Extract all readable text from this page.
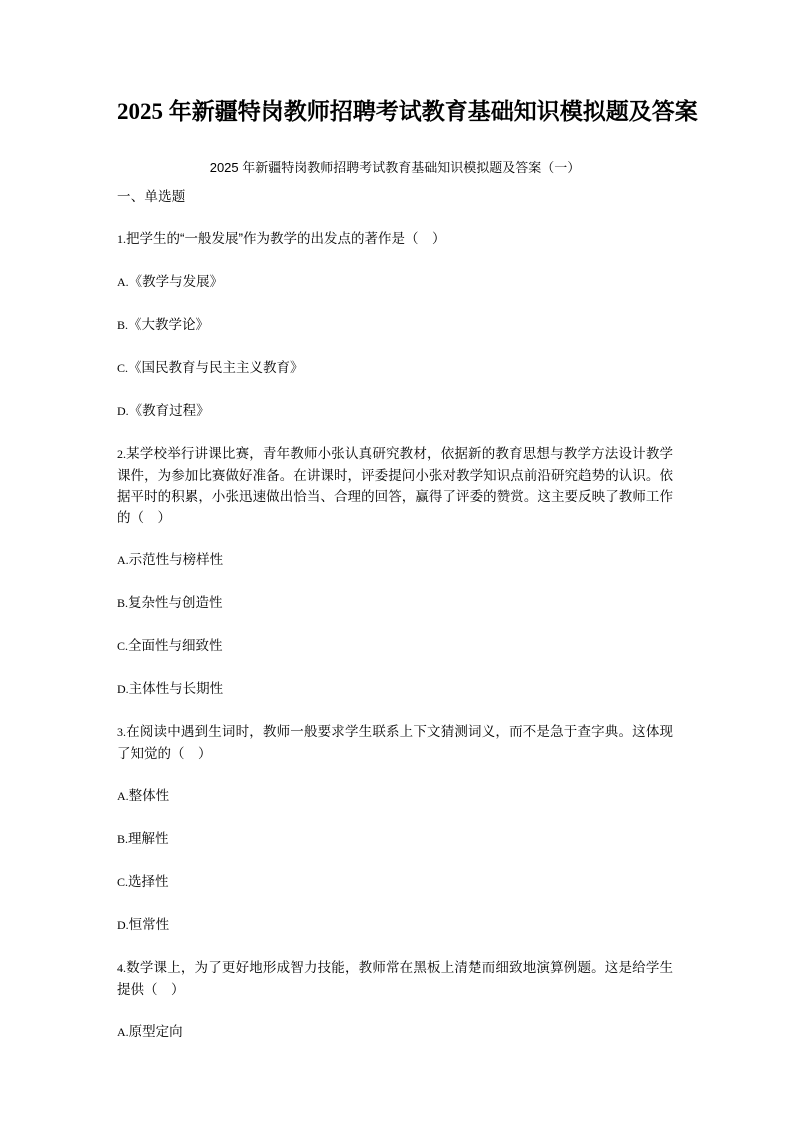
2025 年新疆特岗教师招聘考试教育基础知识模拟题及答案
2025 年新疆特岗教师招聘考试教育基础知识模拟题及答案（一）
一、单选题

1.把学生的“一般发展”作为教学的出发点的著作是（　）

A.《教学与发展》

B.《大教学论》

C.《国民教育与民主主义教育》

D.《教育过程》

2.某学校举行讲课比赛，青年教师小张认真研究教材，依据新的教育思想与教学方法设计教学课件，为参加比赛做好准备。在讲课时，评委提问小张对教学知识点前沿研究趋势的认识。依据平时的积累，小张迅速做出恰当、合理的回答，赢得了评委的赞赏。这主要反映了教师工作的（　）

A.示范性与榜样性

B.复杂性与创造性

C.全面性与细致性

D.主体性与长期性

3.在阅读中遇到生词时，教师一般要求学生联系上下文猜测词义，而不是急于查字典。这体现了知觉的（　）

A.整体性

B.理解性

C.选择性

D.恒常性

4.数学课上，为了更好地形成智力技能，教师常在黑板上清楚而细致地演算例题。这是给学生提供（　）

A.原型定向
